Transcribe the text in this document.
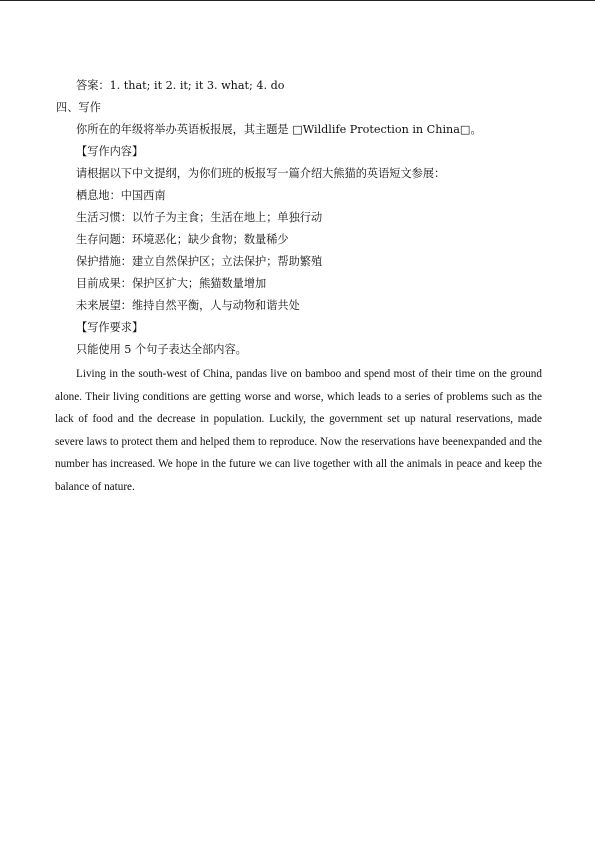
答案：1. that; it 2. it; it 3. what; 4. do
四、写作
你所在的年级将举办英语板报展，其主题是 □Wildlife Protection in China□。
【写作内容】
请根据以下中文提纲，为你们班的板报写一篇介绍大熊猫的英语短文参展：
栖息地：中国西南
生活习惯：以竹子为主食；生活在地上；单独行动
生存问题：环境恶化；缺少食物；数量稀少
保护措施：建立自然保护区；立法保护；帮助繁殖
目前成果：保护区扩大；熊猫数量增加
未来展望：维持自然平衡，人与动物和谐共处
【写作要求】
只能使用 5 个句子表达全部内容。

Living in the south-west of China, pandas live on bamboo and spend most of their time on the ground alone. Their living conditions are getting worse and worse, which leads to a series of problems such as the lack of food and the decrease in population. Luckily, the government set up natural reservations, made severe laws to protect them and helped them to reproduce. Now the reservations have beenexpanded and the number has increased. We hope in the future we can live together with all the animals in peace and keep the balance of nature.
